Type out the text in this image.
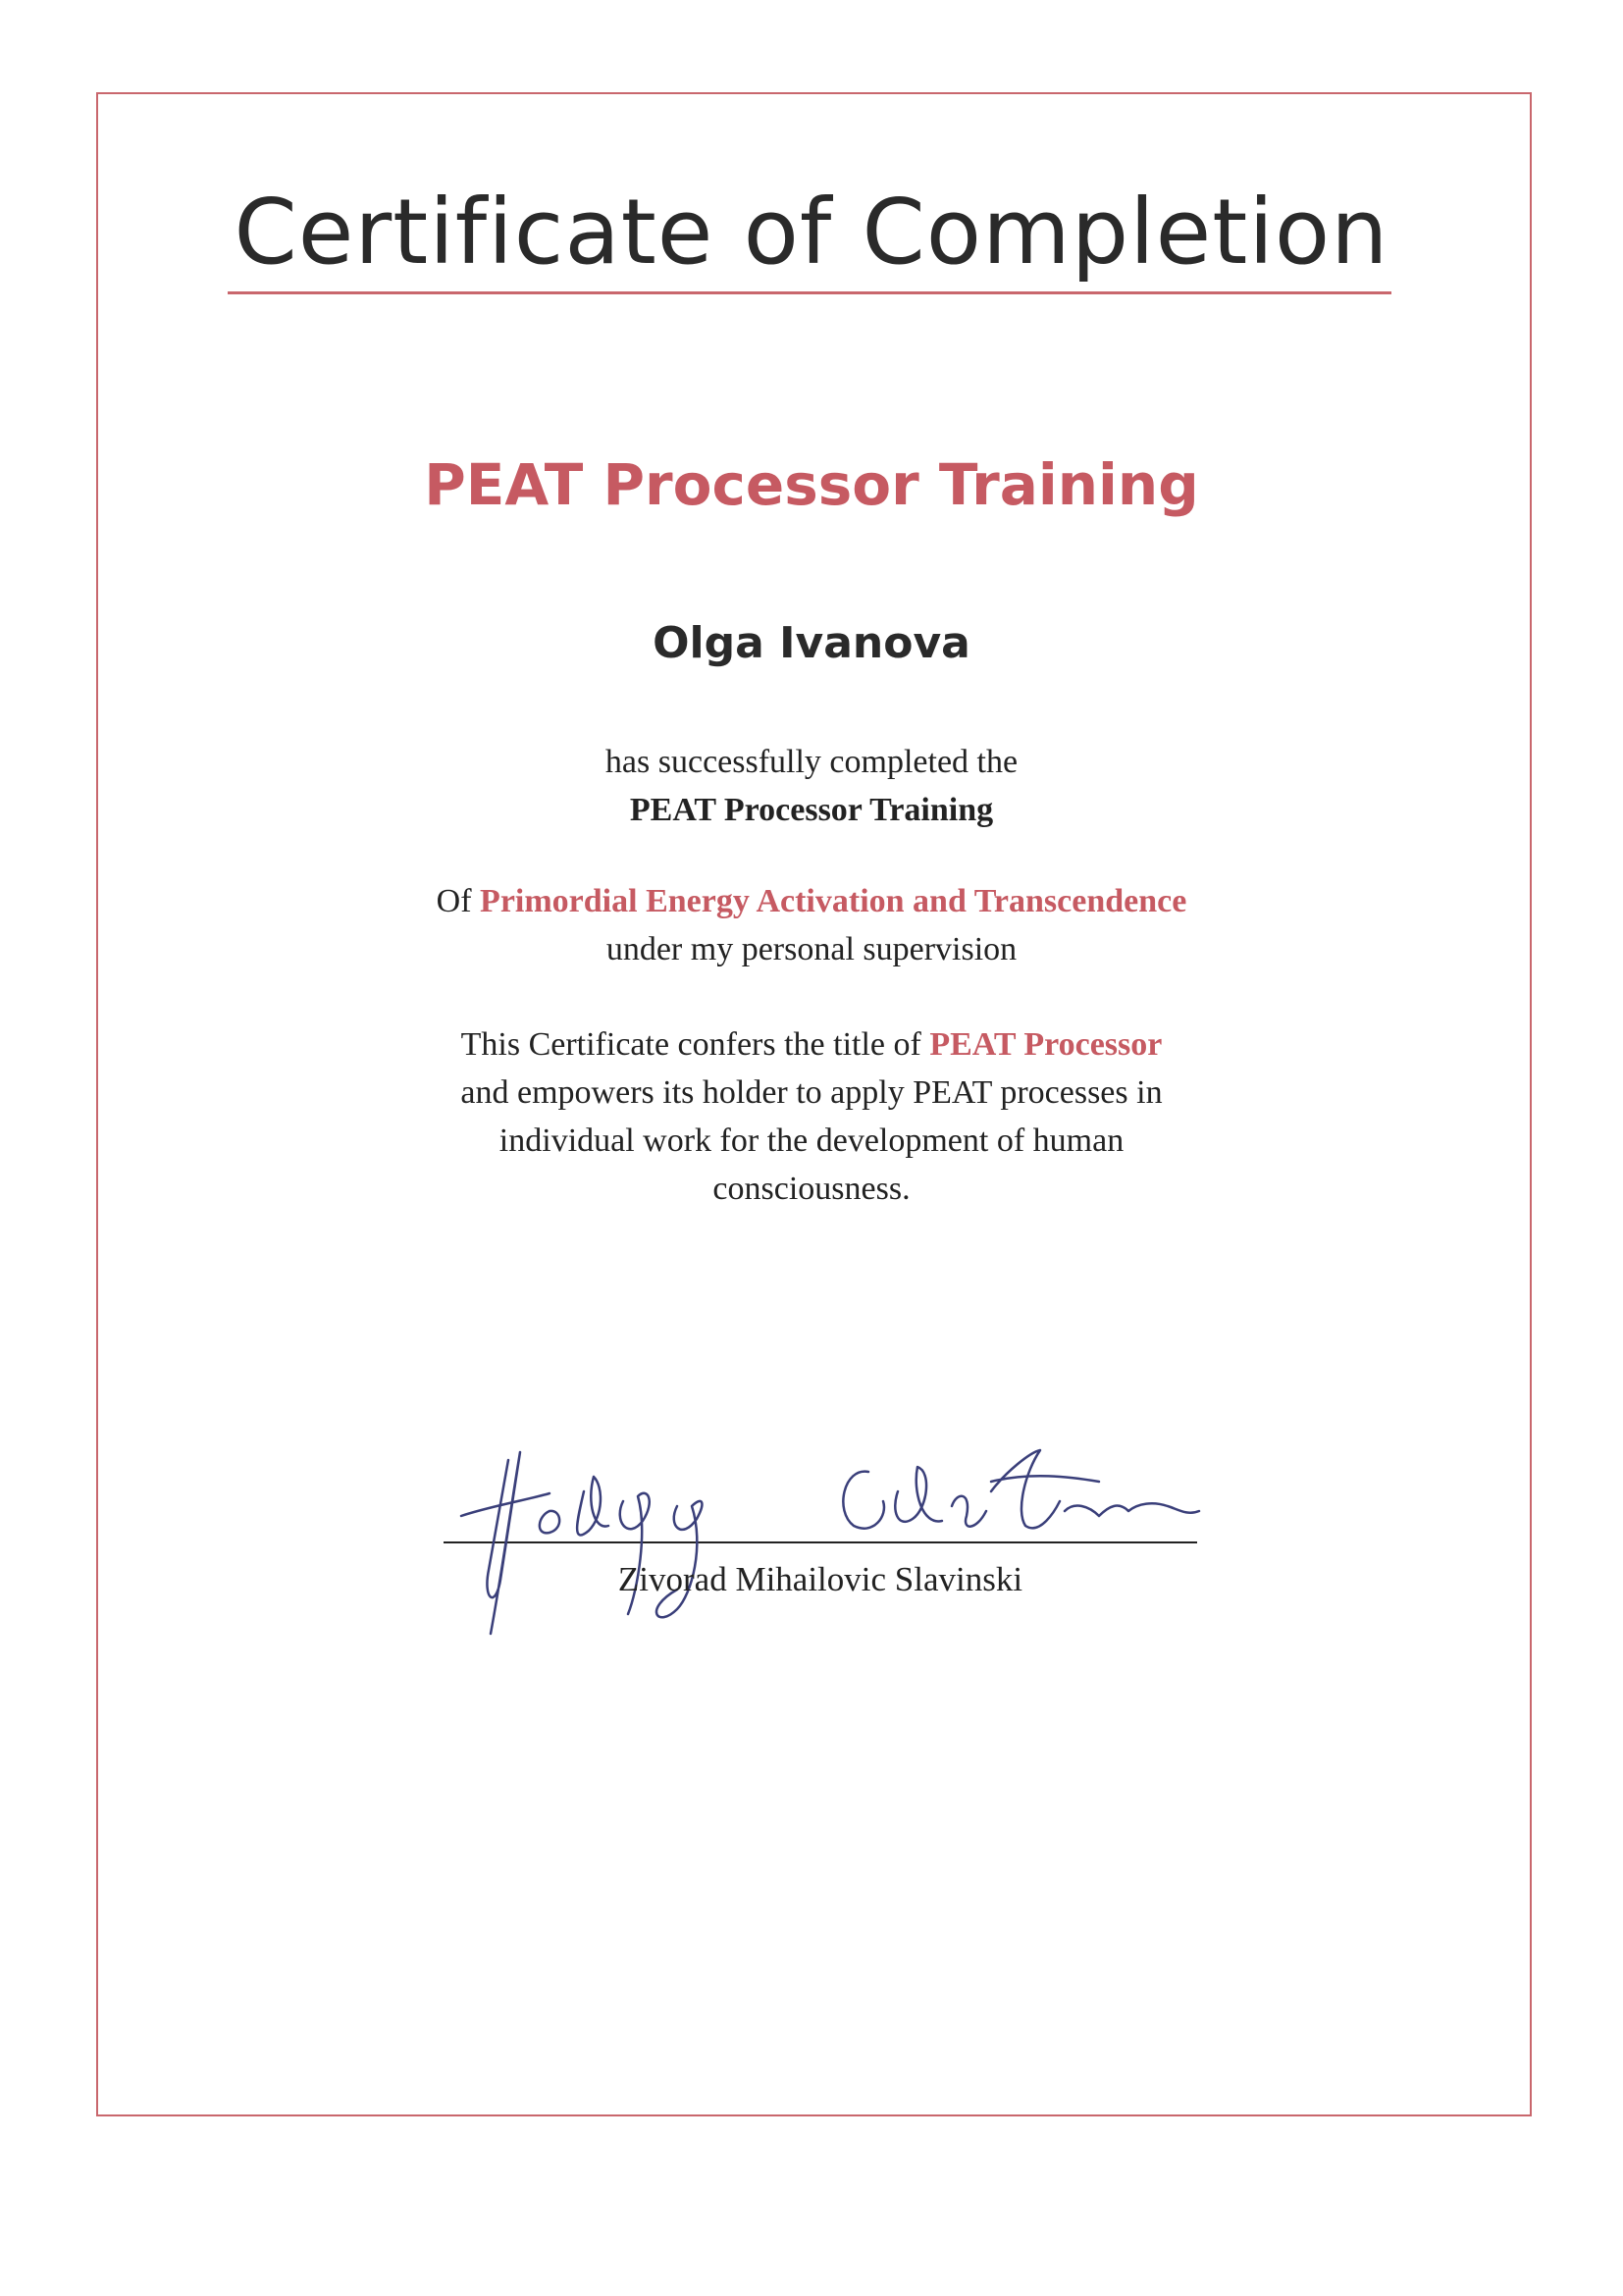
Certificate of Completion
PEAT Processor Training
Olga Ivanova
has successfully completed the
PEAT Processor Training
Of Primordial Energy Activation and Transcendence
under my personal supervision
This Certificate confers the title of PEAT Processor
and empowers its holder to apply PEAT processes in
individual work for the development of human
consciousness.
Zivorad Mihailovic Slavinski
